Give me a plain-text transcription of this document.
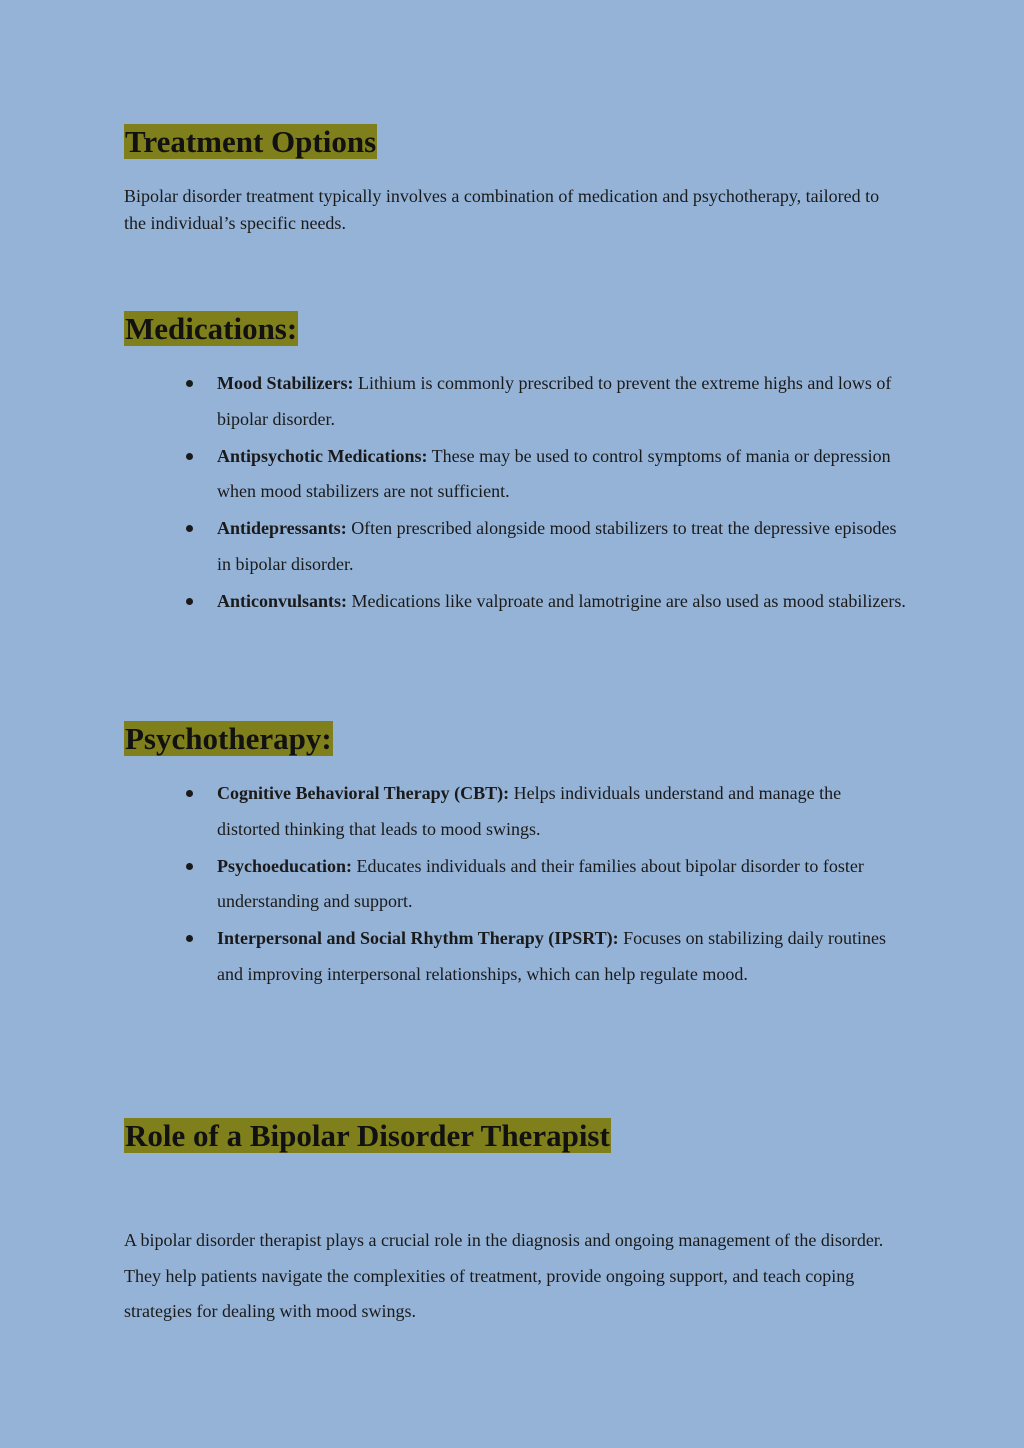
Treatment Options

Bipolar disorder treatment typically involves a combination of medication and psychotherapy, tailored to the individual’s specific needs.

Medications:
Mood Stabilizers: Lithium is commonly prescribed to prevent the extreme highs and lows of bipolar disorder.
Antipsychotic Medications: These may be used to control symptoms of mania or depression when mood stabilizers are not sufficient.
Antidepressants: Often prescribed alongside mood stabilizers to treat the depressive episodes in bipolar disorder.
Anticonvulsants: Medications like valproate and lamotrigine are also used as mood stabilizers.
Psychotherapy:
Cognitive Behavioral Therapy (CBT): Helps individuals understand and manage the distorted thinking that leads to mood swings.
Psychoeducation: Educates individuals and their families about bipolar disorder to foster understanding and support.
Interpersonal and Social Rhythm Therapy (IPSRT): Focuses on stabilizing daily routines and improving interpersonal relationships, which can help regulate mood.
Role of a Bipolar Disorder Therapist

A bipolar disorder therapist plays a crucial role in the diagnosis and ongoing management of the disorder. They help patients navigate the complexities of treatment, provide ongoing support, and teach coping strategies for dealing with mood swings.
